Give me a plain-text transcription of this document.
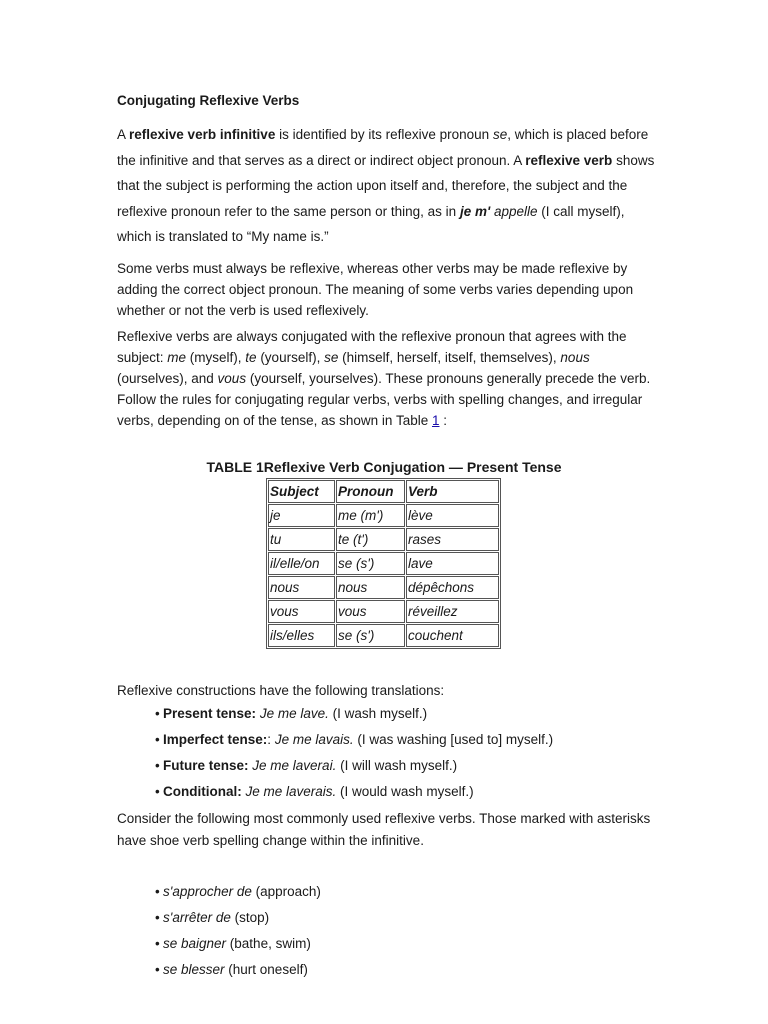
Conjugating Reflexive Verbs

A reflexive verb infinitive is identified by its reflexive pronoun se, which is placed before the infinitive and that serves as a direct or indirect object pronoun. A reflexive verb shows that the subject is performing the action upon itself and, therefore, the subject and the reflexive pronoun refer to the same person or thing, as in je m' appelle (I call myself), which is translated to “My name is.”

Some verbs must always be reflexive, whereas other verbs may be made reflexive by adding the correct object pronoun. The meaning of some verbs varies depending upon whether or not the verb is used reflexively.

Reflexive verbs are always conjugated with the reflexive pronoun that agrees with the subject: me (myself), te (yourself), se (himself, herself, itself, themselves), nous (ourselves), and vous (yourself, yourselves). These pronouns generally precede the verb. Follow the rules for conjugating regular verbs, verbs with spelling changes, and irregular verbs, depending on of the tense, as shown in Table 1 :

TABLE 1Reflexive Verb Conjugation — Present Tense
Subject	Pronoun	Verb
je	me (m')	lève
tu	te (t')	rases
il/elle/on	se (s')	lave
nous	nous	dépêchons
vous	vous	réveillez
ils/elles	se (s')	couchent

Reflexive constructions have the following translations:

• Present tense: Je me lave. (I wash myself.)
• Imperfect tense:: Je me lavais. (I was washing [used to] myself.)
• Future tense: Je me laverai. (I will wash myself.)
• Conditional: Je me laverais. (I would wash myself.)

Consider the following most commonly used reflexive verbs. Those marked with asterisks have shoe verb spelling change within the infinitive.

• s'approcher de (approach)
• s'arrêter de (stop)
• se baigner (bathe, swim)
• se blesser (hurt oneself)
